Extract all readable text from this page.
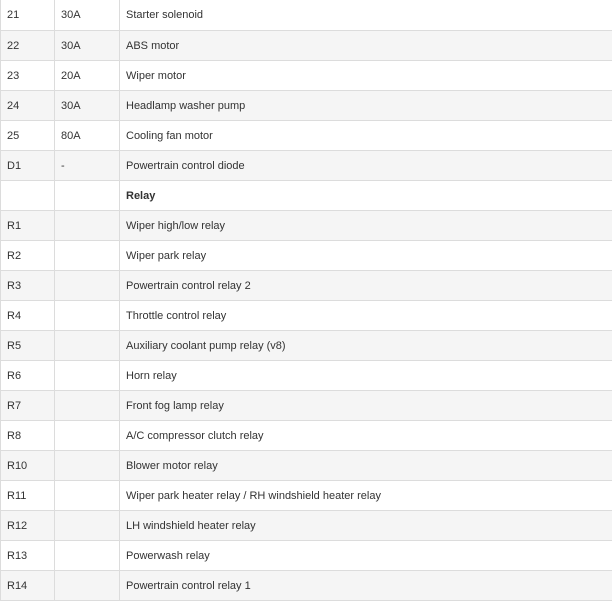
21	30A	Starter solenoid
22	30A	ABS motor
23	20A	Wiper motor
24	30A	Headlamp washer pump
25	80A	Cooling fan motor
D1	-	Powertrain control diode
		Relay
R1		Wiper high/low relay
R2		Wiper park relay
R3		Powertrain control relay 2
R4		Throttle control relay
R5		Auxiliary coolant pump relay (v8)
R6		Horn relay
R7		Front fog lamp relay
R8		A/C compressor clutch relay
R10		Blower motor relay
R11		Wiper park heater relay / RH windshield heater relay
R12		LH windshield heater relay
R13		Powerwash relay
R14		Powertrain control relay 1
